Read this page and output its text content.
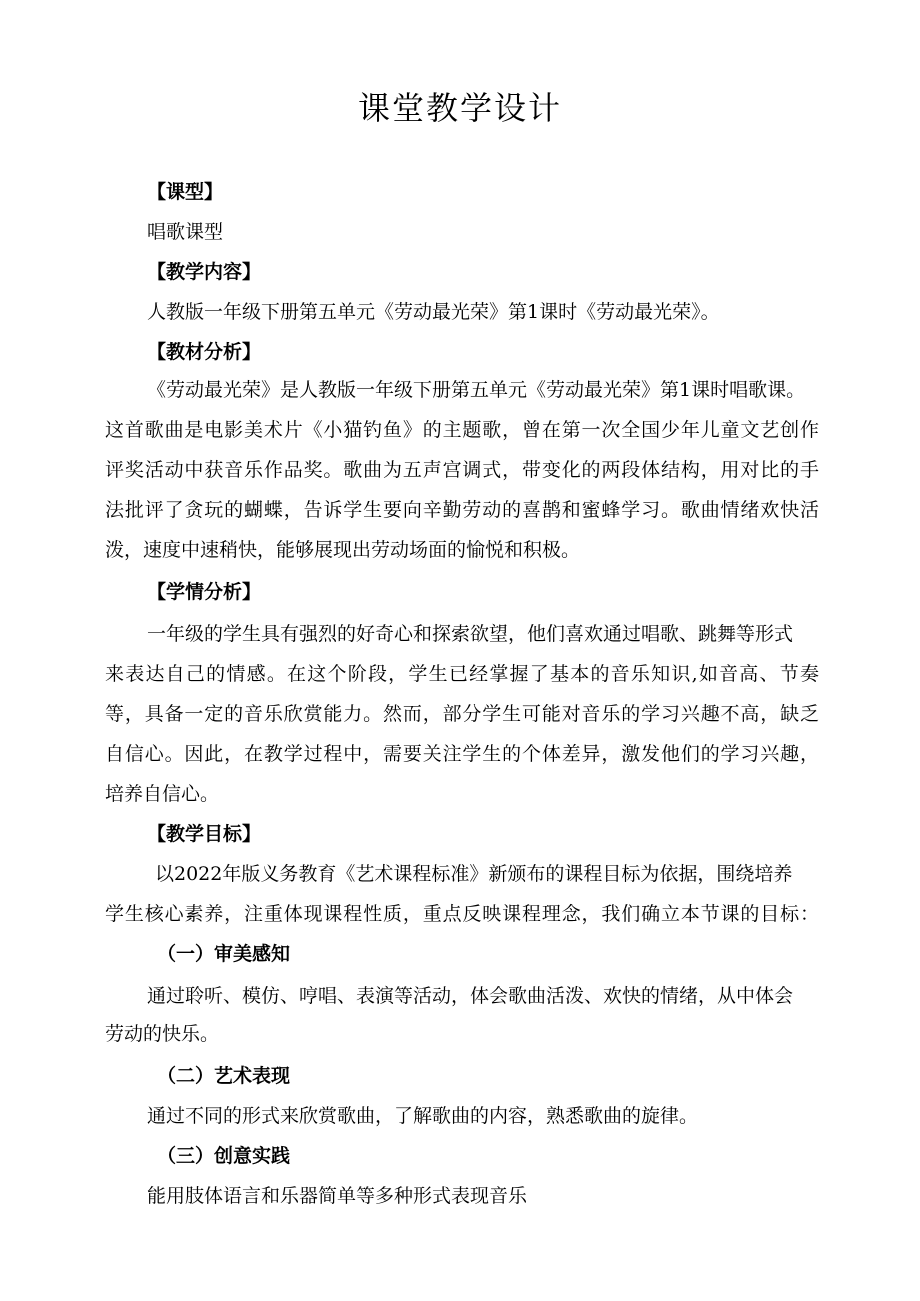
课堂教学设计
【课型】
唱歌课型
【教学内容】
人教版一年级下册第五单元《劳动最光荣》第1课时《劳动最光荣》。
【教材分析】
《劳动最光荣》是人教版一年级下册第五单元《劳动最光荣》第1课时唱歌课。
这首歌曲是电影美术片《小猫钓鱼》的主题歌，曾在第一次全国少年儿童文艺创作
评奖活动中获音乐作品奖。歌曲为五声宫调式，带变化的两段体结构，用对比的手
法批评了贪玩的蝴蝶，告诉学生要向辛勤劳动的喜鹊和蜜蜂学习。歌曲情绪欢快活
泼，速度中速稍快，能够展现出劳动场面的愉悦和积极。
【学情分析】
一年级的学生具有强烈的好奇心和探索欲望，他们喜欢通过唱歌、跳舞等形式
来表达自己的情感。在这个阶段，学生已经掌握了基本的音乐知识,如音高、节奏
等，具备一定的音乐欣赏能力。然而，部分学生可能对音乐的学习兴趣不高，缺乏
自信心。因此，在教学过程中，需要关注学生的个体差异，激发他们的学习兴趣，
培养自信心。
【教学目标】
以2022年版义务教育《艺术课程标准》新颁布的课程目标为依据，围绕培养
学生核心素养，注重体现课程性质，重点反映课程理念，我们确立本节课的目标：
（一）审美感知
通过聆听、模仿、哼唱、表演等活动，体会歌曲活泼、欢快的情绪，从中体会
劳动的快乐。
（二）艺术表现
通过不同的形式来欣赏歌曲，了解歌曲的内容，熟悉歌曲的旋律。
（三）创意实践
能用肢体语言和乐器简单等多种形式表现音乐
